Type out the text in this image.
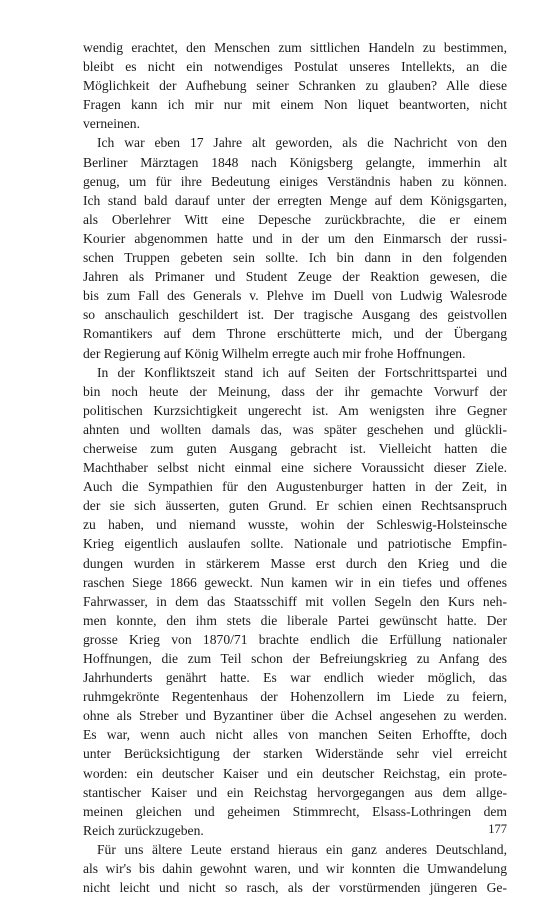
wendig erachtet, den Menschen zum sittlichen Handeln zu bestimmen,
bleibt es nicht ein notwendiges Postulat unseres Intellekts, an die
Möglichkeit der Aufhebung seiner Schranken zu glauben? Alle diese
Fragen kann ich mir nur mit einem Non liquet beantworten, nicht
verneinen.
Ich war eben 17 Jahre alt geworden, als die Nachricht von den
Berliner Märztagen 1848 nach Königsberg gelangte, immerhin alt
genug, um für ihre Bedeutung einiges Verständnis haben zu können.
Ich stand bald darauf unter der erregten Menge auf dem Königsgarten,
als Oberlehrer Witt eine Depesche zurückbrachte, die er einem
Kourier abgenommen hatte und in der um den Einmarsch der russi-
schen Truppen gebeten sein sollte. Ich bin dann in den folgenden
Jahren als Primaner und Student Zeuge der Reaktion gewesen, die
bis zum Fall des Generals v. Plehve im Duell von Ludwig Walesrode
so anschaulich geschildert ist. Der tragische Ausgang des geistvollen
Romantikers auf dem Throne erschütterte mich, und der Übergang
der Regierung auf König Wilhelm erregte auch mir frohe Hoffnungen.
In der Konfliktszeit stand ich auf Seiten der Fortschrittspartei und
bin noch heute der Meinung, dass der ihr gemachte Vorwurf der
politischen Kurzsichtigkeit ungerecht ist. Am wenigsten ihre Gegner
ahnten und wollten damals das, was später geschehen und glückli-
cherweise zum guten Ausgang gebracht ist. Vielleicht hatten die
Machthaber selbst nicht einmal eine sichere Voraussicht dieser Ziele.
Auch die Sympathien für den Augustenburger hatten in der Zeit, in
der sie sich äusserten, guten Grund. Er schien einen Rechtsanspruch
zu haben, und niemand wusste, wohin der Schleswig-Holsteinsche
Krieg eigentlich auslaufen sollte. Nationale und patriotische Empfin-
dungen wurden in stärkerem Masse erst durch den Krieg und die
raschen Siege 1866 geweckt. Nun kamen wir in ein tiefes und offenes
Fahrwasser, in dem das Staatsschiff mit vollen Segeln den Kurs neh-
men konnte, den ihm stets die liberale Partei gewünscht hatte. Der
grosse Krieg von 1870/71 brachte endlich die Erfüllung nationaler
Hoffnungen, die zum Teil schon der Befreiungskrieg zu Anfang des
Jahrhunderts genährt hatte. Es war endlich wieder möglich, das
ruhmgekrönte Regentenhaus der Hohenzollern im Liede zu feiern,
ohne als Streber und Byzantiner über die Achsel angesehen zu werden.
Es war, wenn auch nicht alles von manchen Seiten Erhoffte, doch
unter Berücksichtigung der starken Widerstände sehr viel erreicht
worden: ein deutscher Kaiser und ein deutscher Reichstag, ein prote-
stantischer Kaiser und ein Reichstag hervorgegangen aus dem allge-
meinen gleichen und geheimen Stimmrecht, Elsass-Lothringen dem
Reich zurückzugeben.
Für uns ältere Leute erstand hieraus ein ganz anderes Deutschland,
als wir's bis dahin gewohnt waren, und wir konnten die Umwandelung
nicht leicht und nicht so rasch, als der vorstürmenden jüngeren Ge-
177
